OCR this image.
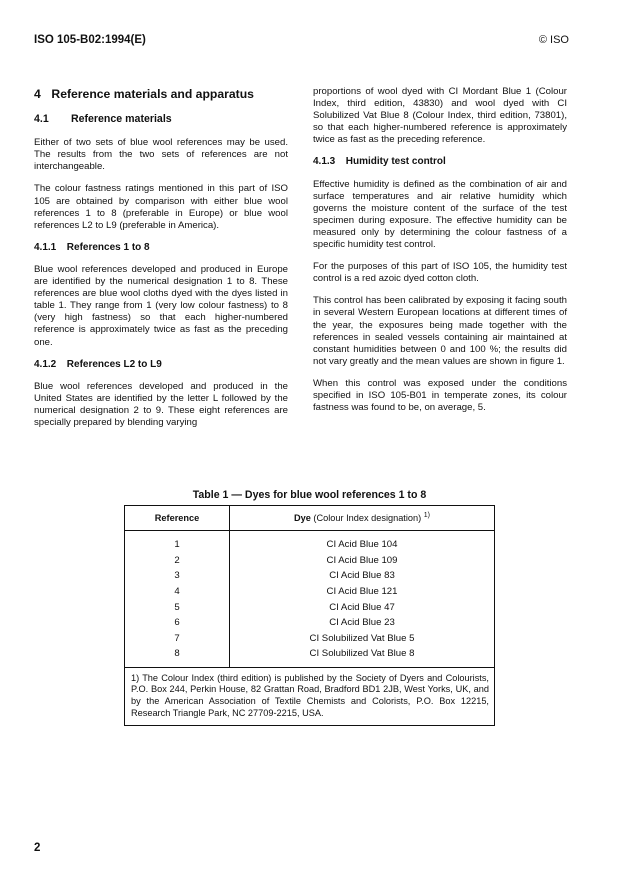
ISO 105-B02:1994(E)	© ISO
4 Reference materials and apparatus
4.1 Reference materials

Either of two sets of blue wool references may be used. The results from the two sets of references are not interchangeable.

The colour fastness ratings mentioned in this part of ISO 105 are obtained by comparison with either blue wool references 1 to 8 (preferable in Europe) or blue wool references L2 to L9 (preferable in America).

4.1.1 References 1 to 8

Blue wool references developed and produced in Europe are identified by the numerical designation 1 to 8. These references are blue wool cloths dyed with the dyes listed in table 1. They range from 1 (very low colour fastness) to 8 (very high fastness) so that each higher-numbered reference is approximately twice as fast as the preceding one.

4.1.2 References L2 to L9

Blue wool references developed and produced in the United States are identified by the letter L followed by the numerical designation 2 to 9. These eight references are specially prepared by blending varying

proportions of wool dyed with CI Mordant Blue 1 (Colour Index, third edition, 43830) and wool dyed with CI Solubilized Vat Blue 8 (Colour Index, third edition, 73801), so that each higher-numbered reference is approximately twice as fast as the preceding reference.

4.1.3 Humidity test control

Effective humidity is defined as the combination of air and surface temperatures and air relative humidity which governs the moisture content of the surface of the test specimen during exposure. The effective humidity can be measured only by determining the colour fastness of a specific humidity test control.

For the purposes of this part of ISO 105, the humidity test control is a red azoic dyed cotton cloth.

This control has been calibrated by exposing it facing south in several Western European locations at different times of the year, the exposures being made together with the references in sealed vessels containing air maintained at constant humidities between 0 and 100 %; the results did not vary greatly and the mean values are shown in figure 1.

When this control was exposed under the conditions specified in ISO 105-B01 in temperate zones, its colour fastness was found to be, on average, 5.

Table 1 — Dyes for blue wool references 1 to 8
Reference	Dye (Colour Index designation) $^{1)}$
1	CI Acid Blue 104
2	CI Acid Blue 109
3	CI Acid Blue 83
4	CI Acid Blue 121
5	CI Acid Blue 47
6	CI Acid Blue 23
7	CI Solubilized Vat Blue 5
8	CI Solubilized Vat Blue 8
1) The Colour Index (third edition) is published by the Society of Dyers and Colourists, P.O. Box 244, Perkin House, 82 Grattan Road, Bradford BD1 2JB, West Yorks, UK, and by the American Association of Textile Chemists and Colorists, P.O. Box 12215, Research Triangle Park, NC 27709-2215, USA.	
2
